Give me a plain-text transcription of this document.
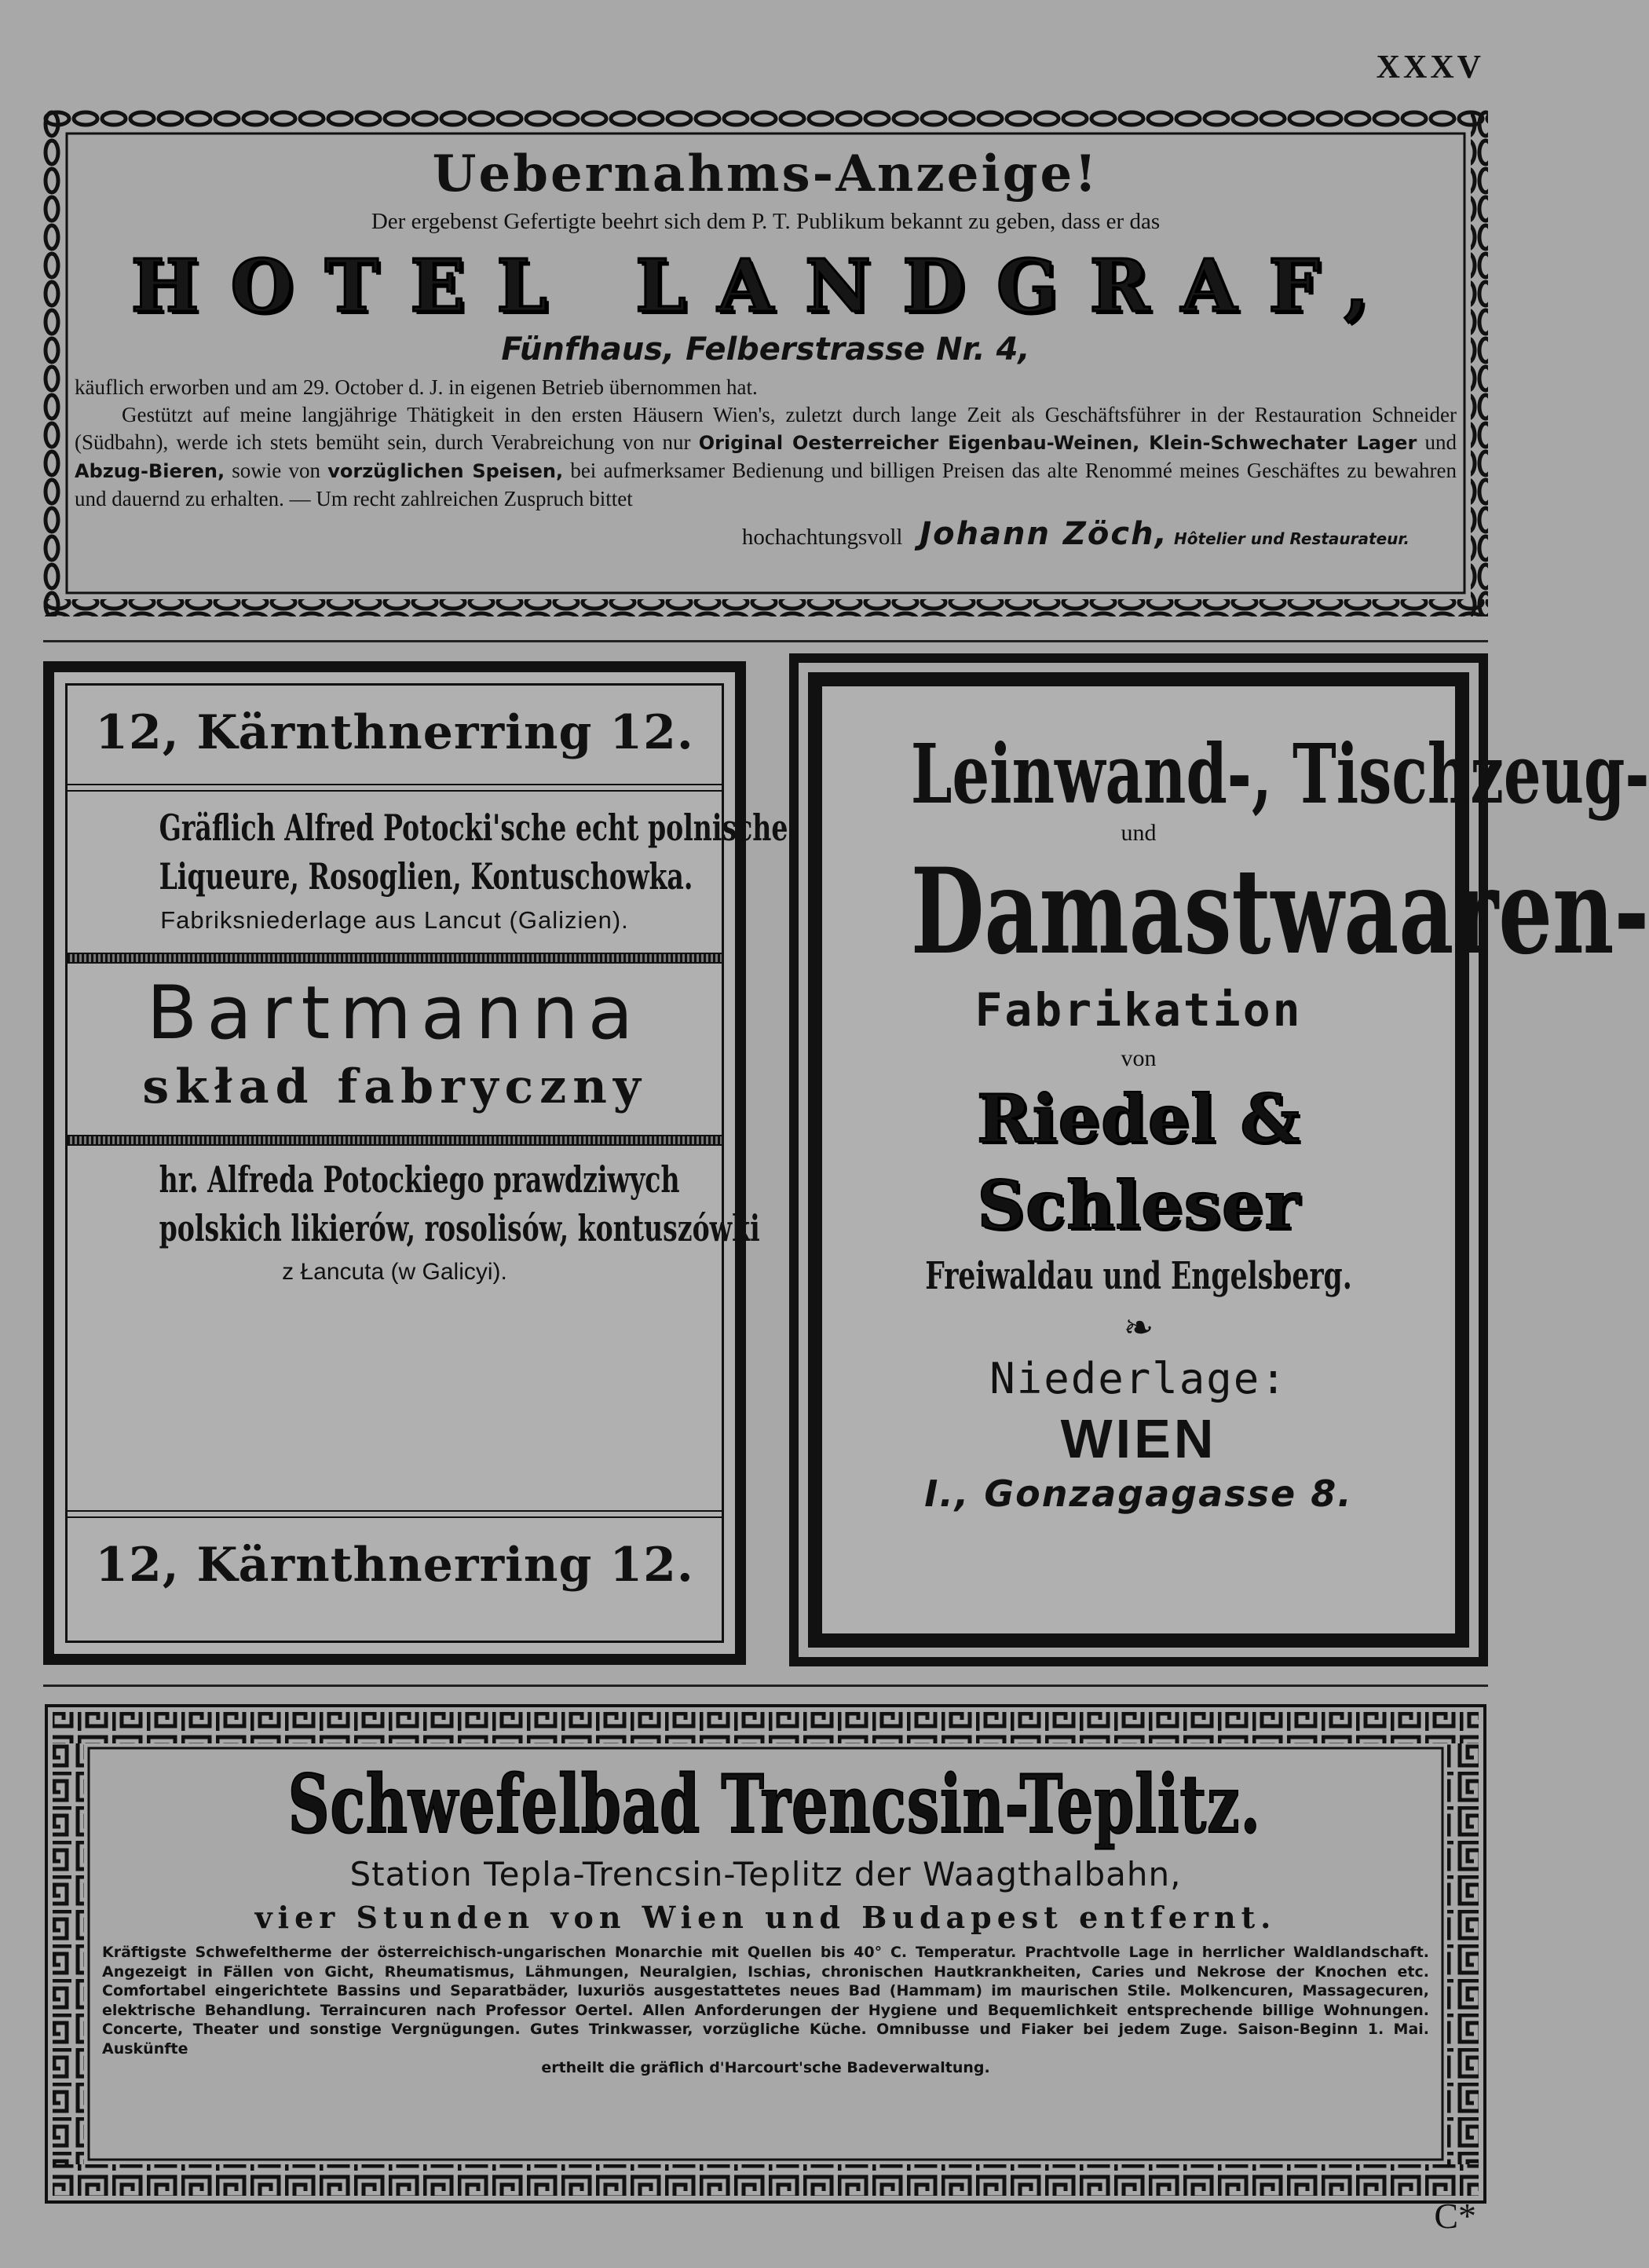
XXXV
Uebernahms-Anzeige!
Der ergebenst Gefertigte beehrt sich dem P. T. Publikum bekannt zu geben, dass er das
HOTEL LANDGRAF,
Fünfhaus, Felberstrasse Nr. 4,
käuflich erworben und am 29. October d. J. in eigenen Betrieb übernommen hat.
Gestützt auf meine langjährige Thätigkeit in den ersten Häusern Wien's, zuletzt durch lange Zeit als Geschäftsführer in der Restauration Schneider (Südbahn), werde ich stets bemüht sein, durch Verabreichung von nur Original Oesterreicher Eigenbau-Weinen, Klein-Schwechater Lager und Abzug-Bieren, sowie von vorzüglichen Speisen, bei aufmerksamer Bedienung und billigen Preisen das alte Renommé meines Geschäftes zu bewahren und dauernd zu erhalten. — Um recht zahlreichen Zuspruch bittet
hochachtungsvoll Johann Zöch, Hôtelier und Restaurateur.
12, Kärnthnerring 12.
Gräflich Alfred Potocki'sche echt polnische
Liqueure, Rosoglien, Kontuschowka.
Fabriksniederlage aus Lancut (Galizien).
Bartmanna
skład fabryczny
hr. Alfreda Potockiego prawdziwych
polskich likierów, rosolisów, kontuszówki
z Łancuta (w Galicyi).
12, Kärnthnerring 12.
Leinwand-, Tischzeug-
und
Damastwaaren-
Fabrikation
von
Riedel & Schleser
Freiwaldau und Engelsberg.
❧
Niederlage:
WIEN
I., Gonzagagasse 8.
Schwefelbad Trencsin-Teplitz.
Station Tepla-Trencsin-Teplitz der Waagthalbahn,
vier Stunden von Wien und Budapest entfernt.
Kräftigste Schwefeltherme der österreichisch-ungarischen Monarchie mit Quellen bis 40° C. Temperatur. Prachtvolle Lage in herrlicher Waldlandschaft. Angezeigt in Fällen von Gicht, Rheumatismus, Lähmungen, Neuralgien, Ischias, chronischen Hautkrankheiten, Caries und Nekrose der Knochen etc. Comfortabel eingerichtete Bassins und Separatbäder, luxuriös ausgestattetes neues Bad (Hammam) im maurischen Stile. Molkencuren, Massagecuren, elektrische Behandlung. Terraincuren nach Professor Oertel. Allen Anforderungen der Hygiene und Bequemlichkeit entsprechende billige Wohnungen. Concerte, Theater und sonstige Vergnügungen. Gutes Trinkwasser, vorzügliche Küche. Omnibusse und Fiaker bei jedem Zuge. Saison-Beginn 1. Mai. Auskünfte
ertheilt die gräflich d'Harcourt'sche Badeverwaltung.
C*
